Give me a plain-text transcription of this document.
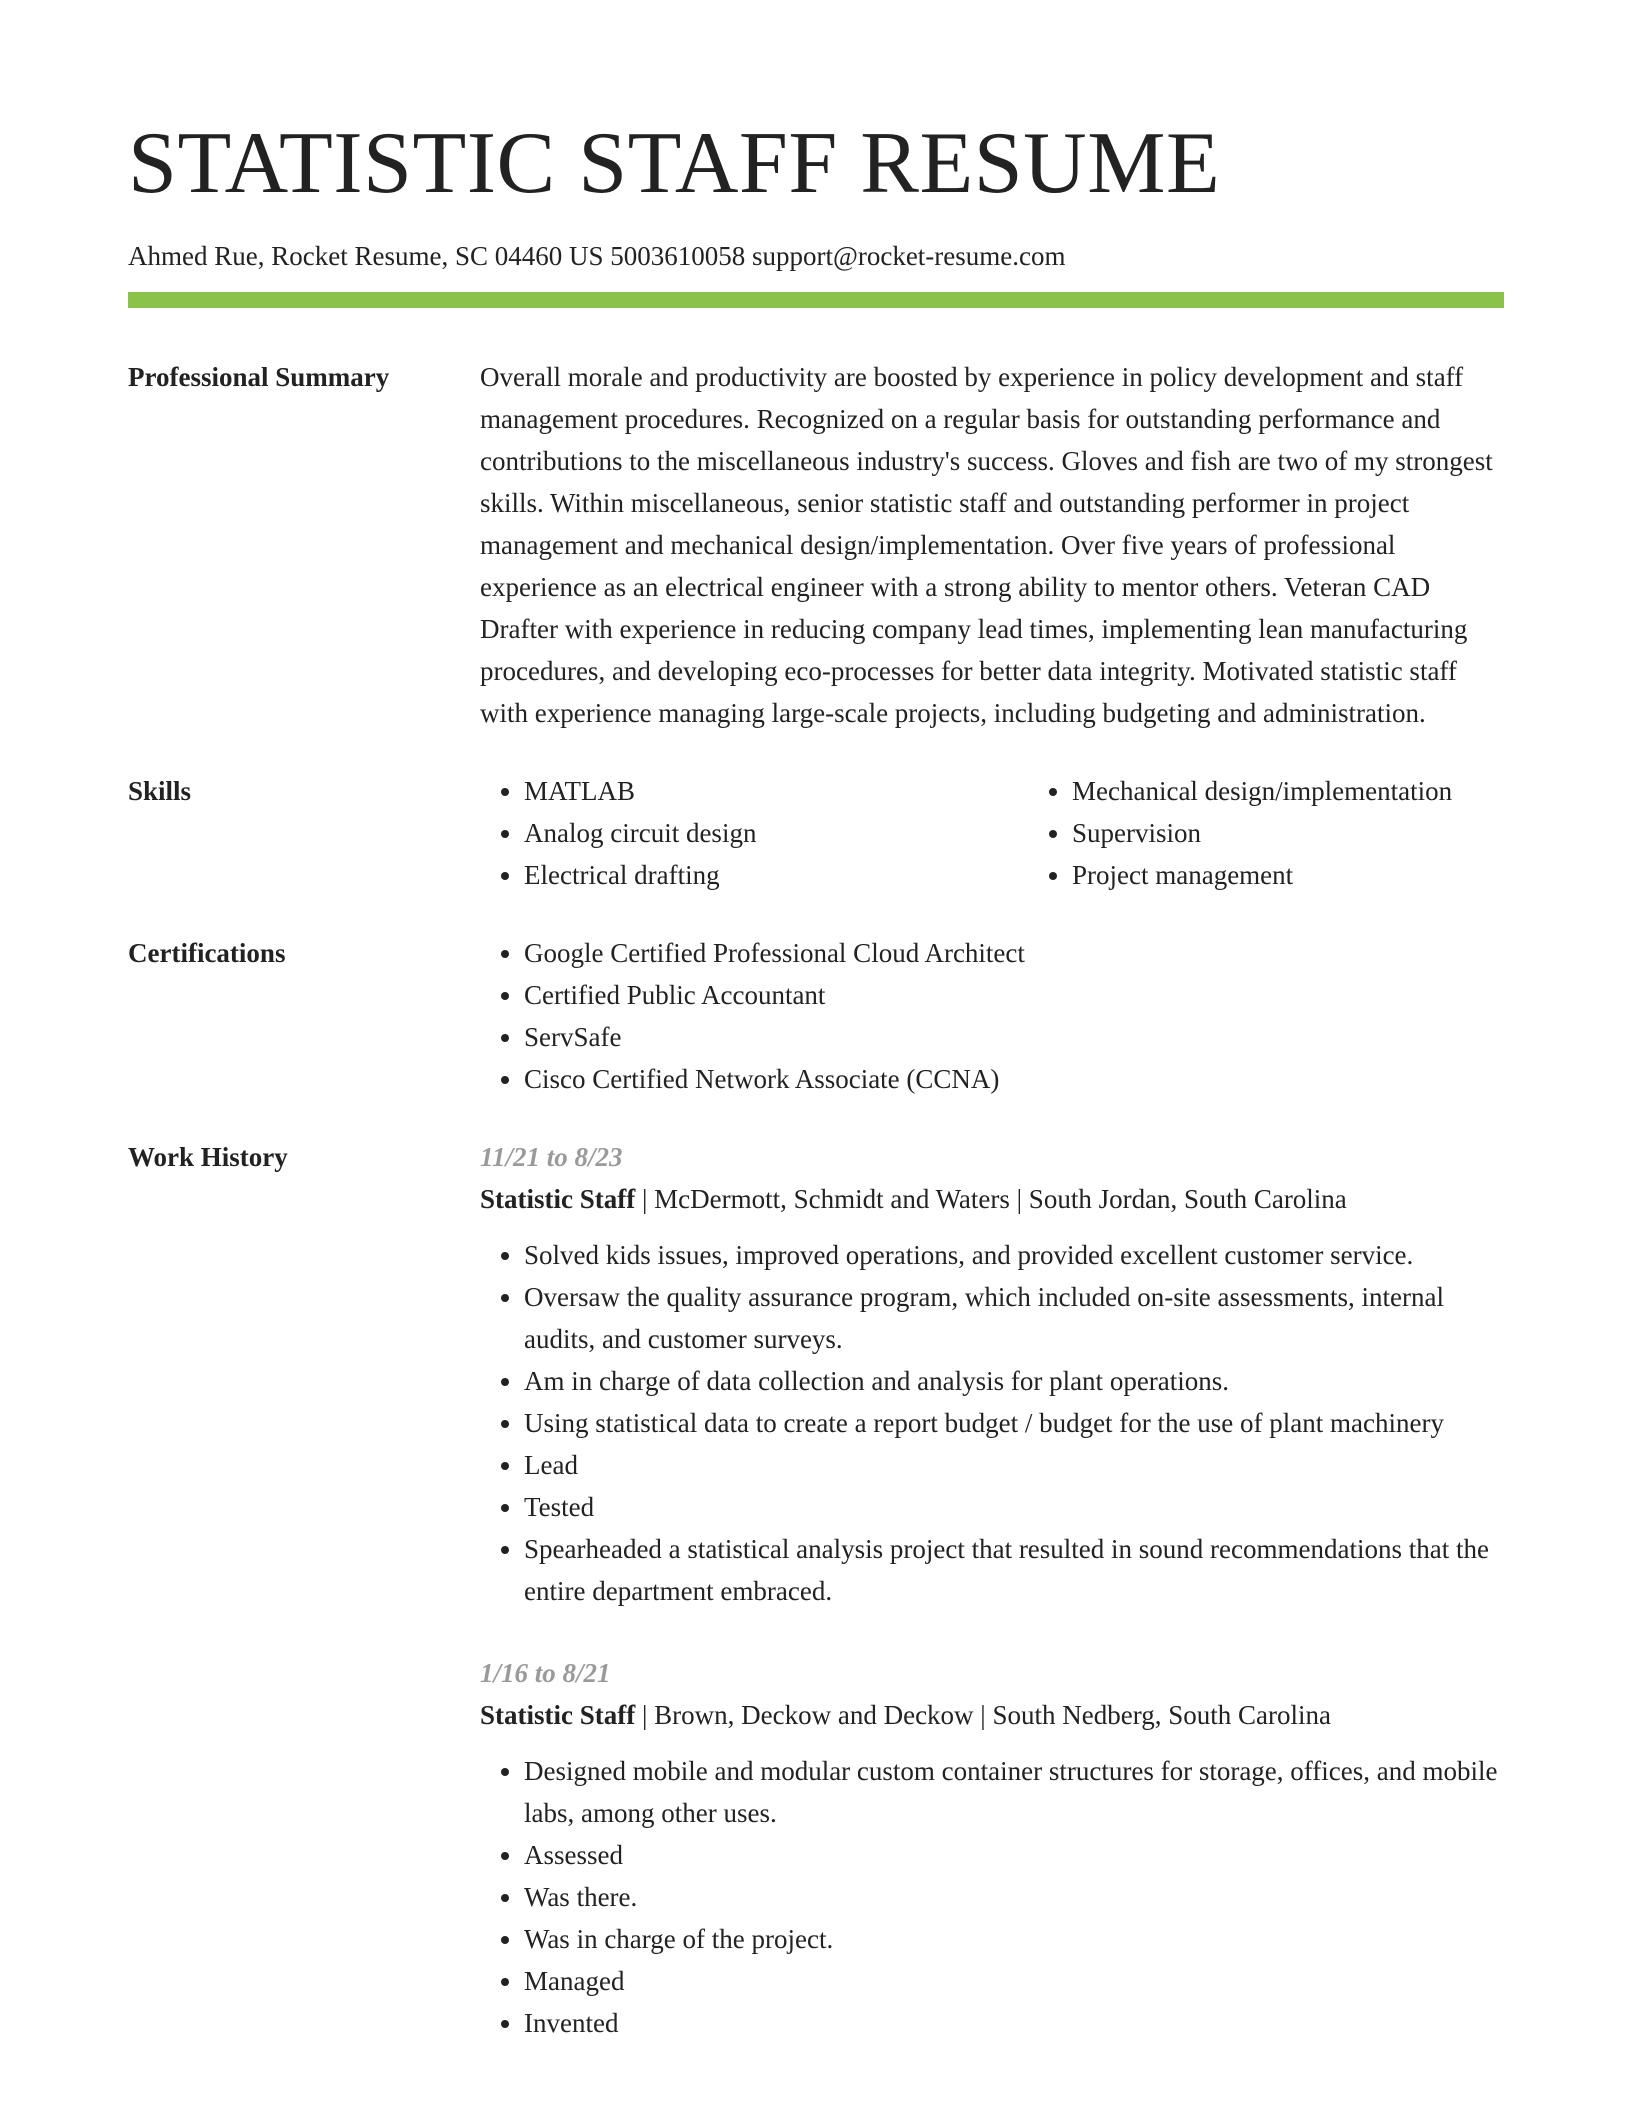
STATISTIC STAFF RESUME
Ahmed Rue, Rocket Resume, SC 04460 US 5003610058 support@rocket-resume.com
Professional Summary	Overall morale and productivity are boosted by experience in policy development and staff management procedures. Recognized on a regular basis for outstanding performance and contributions to the miscellaneous industry's success. Gloves and fish are two of my strongest skills. Within miscellaneous, senior statistic staff and outstanding performer in project management and mechanical design/implementation. Over five years of professional experience as an electrical engineer with a strong ability to mentor others. Veteran CAD Drafter with experience in reducing company lead times, implementing lean manufacturing procedures, and developing eco-processes for better data integrity. Motivated statistic staff with experience managing large-scale projects, including budgeting and administration.

Skills	• MATLAB
• Analog circuit design
• Electrical drafting
• Mechanical design/implementation
• Supervision
• Project management
Certifications	• Google Certified Professional Cloud Architect
• Certified Public Accountant
• ServSafe
• Cisco Certified Network Associate (CCNA)
Work History	11/21 to 8/23
Statistic Staff | McDermott, Schmidt and Waters | South Jordan, South Carolina
• Solved kids issues, improved operations, and provided excellent customer service.
• Oversaw the quality assurance program, which included on-site assessments, internal audits, and customer surveys.
• Am in charge of data collection and analysis for plant operations.
• Using statistical data to create a report budget / budget for the use of plant machinery
• Lead
• Tested
• Spearheaded a statistical analysis project that resulted in sound recommendations that the entire department embraced.
1/16 to 8/21
Statistic Staff | Brown, Deckow and Deckow | South Nedberg, South Carolina
• Designed mobile and modular custom container structures for storage, offices, and mobile labs, among other uses.
• Assessed
• Was there.
• Was in charge of the project.
• Managed
• Invented
